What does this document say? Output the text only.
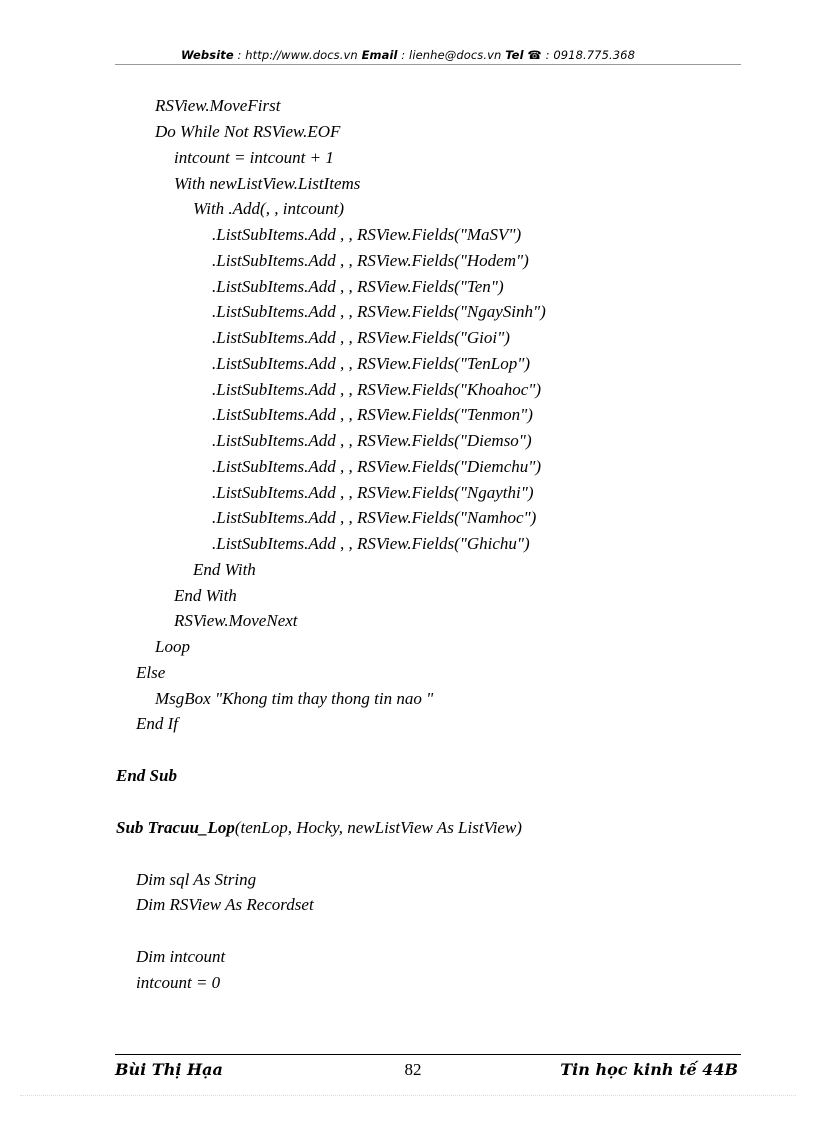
Website : http://www.docs.vn Email : lienhe@docs.vn Tel ☎ : 0918.775.368
RSView.MoveFirst
Do While Not RSView.EOF
intcount = intcount + 1
With newListView.ListItems
With .Add(, , intcount)
.ListSubItems.Add , , RSView.Fields("MaSV")
.ListSubItems.Add , , RSView.Fields("Hodem")
.ListSubItems.Add , , RSView.Fields("Ten")
.ListSubItems.Add , , RSView.Fields("NgaySinh")
.ListSubItems.Add , , RSView.Fields("Gioi")
.ListSubItems.Add , , RSView.Fields("TenLop")
.ListSubItems.Add , , RSView.Fields("Khoahoc")
.ListSubItems.Add , , RSView.Fields("Tenmon")
.ListSubItems.Add , , RSView.Fields("Diemso")
.ListSubItems.Add , , RSView.Fields("Diemchu")
.ListSubItems.Add , , RSView.Fields("Ngaythi")
.ListSubItems.Add , , RSView.Fields("Namhoc")
.ListSubItems.Add , , RSView.Fields("Ghichu")
End With
End With
RSView.MoveNext
Loop
Else
MsgBox "Khong tim thay thong tin nao "
End If
End Sub
Sub Tracuu_Lop(tenLop, Hocky, newListView As ListView)
Dim sql As String
Dim RSView As Recordset
Dim intcount
intcount = 0
Bùi Thị Hạa	82	Tin học kinh tế 44B
